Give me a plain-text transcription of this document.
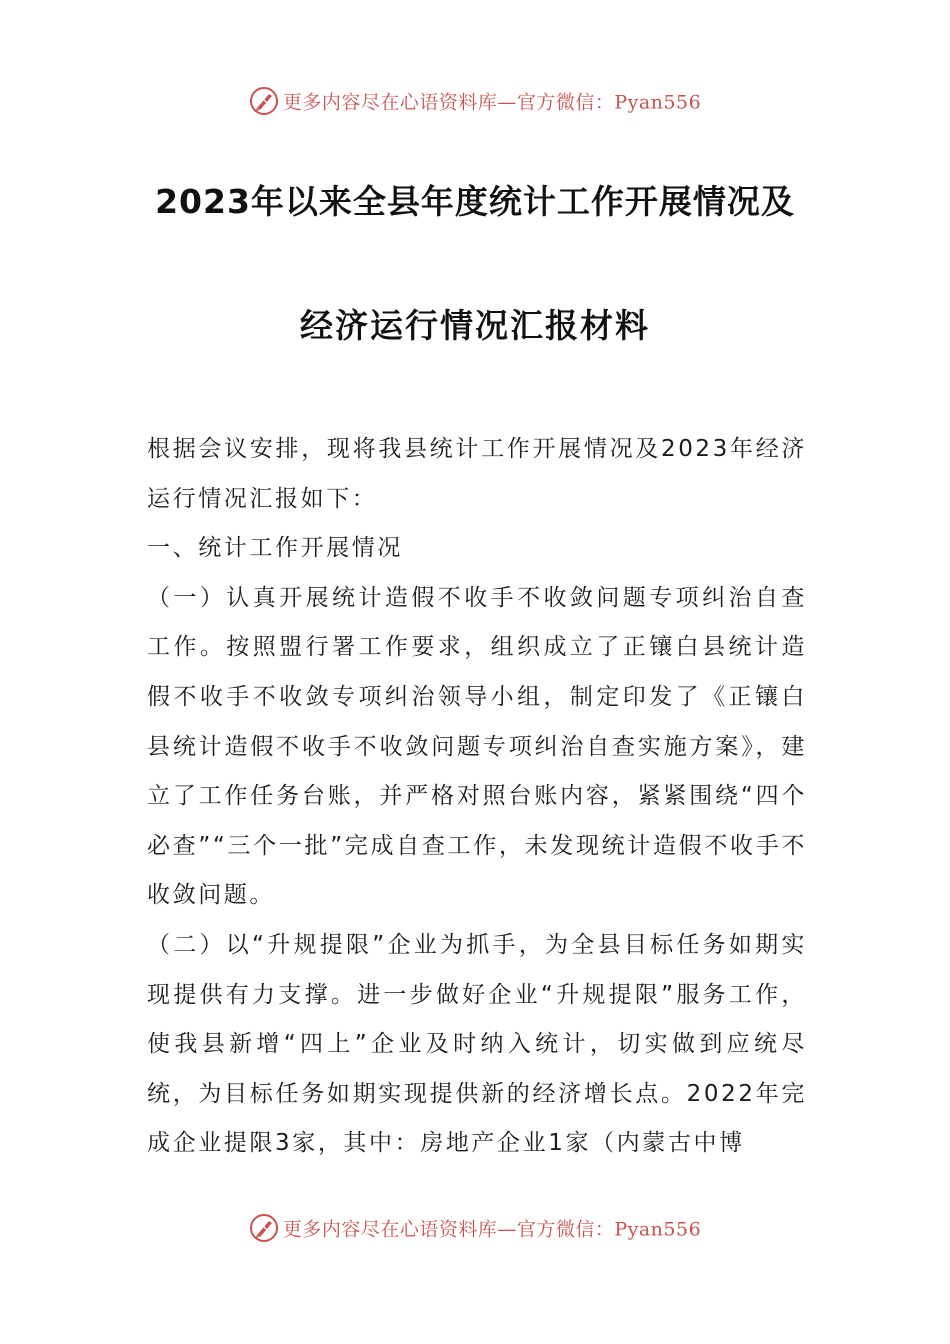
更多内容尽在心语资料库—官方微信：Pyan556
2023年以来全县年度统计工作开展情况及
经济运行情况汇报材料

根据会议安排，现将我县统计工作开展情况及2023年经济运行情况汇报如下：

一、统计工作开展情况

（一）认真开展统计造假不收手不收敛问题专项纠治自查工作。按照盟行署工作要求，组织成立了正镶白县统计造假不收手不收敛专项纠治领导小组，制定印发了《正镶白县统计造假不收手不收敛问题专项纠治自查实施方案》，建立了工作任务台账，并严格对照台账内容，紧紧围绕“四个必查”“三个一批”完成自查工作，未发现统计造假不收手不收敛问题。

（二）以“升规提限”企业为抓手，为全县目标任务如期实现提供有力支撑。进一步做好企业“升规提限”服务工作，使我县新增“四上”企业及时纳入统计，切实做到应统尽统，为目标任务如期实现提供新的经济增长点。2022年完成企业提限3家，其中：房地产企业1家（内蒙古中博

更多内容尽在心语资料库—官方微信：Pyan556
